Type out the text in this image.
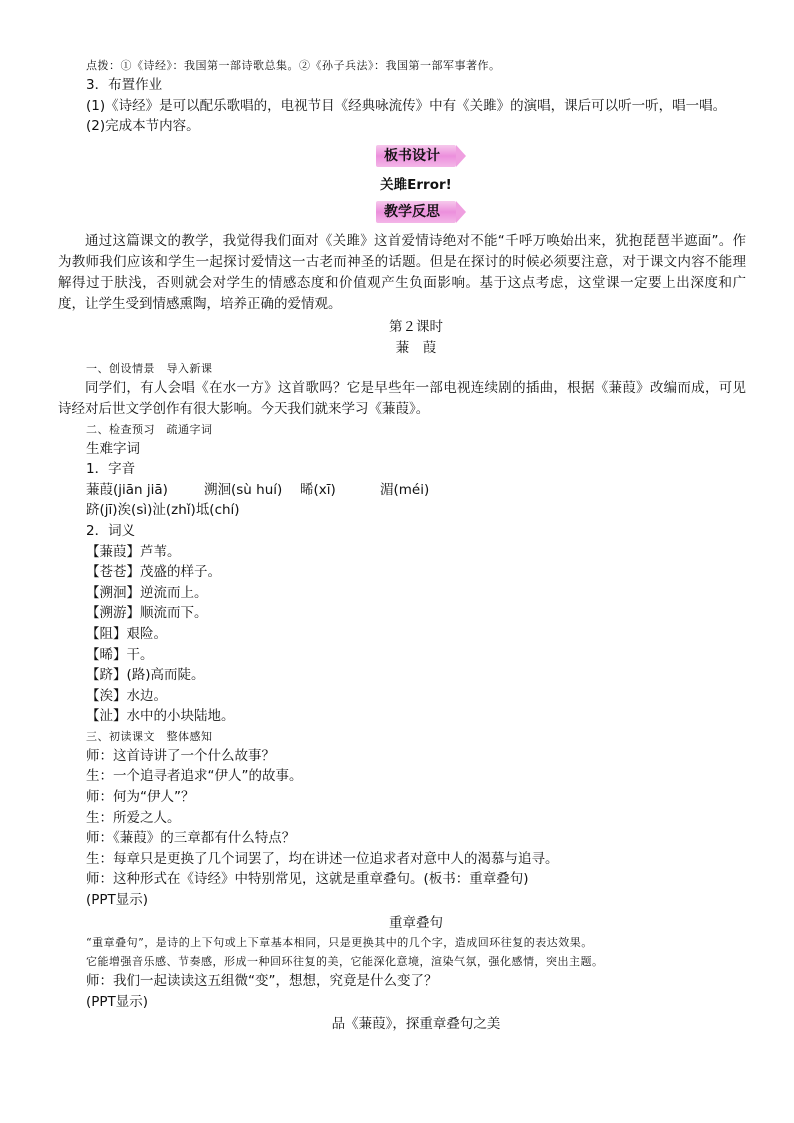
点拨：①《诗经》：我国第一部诗歌总集。②《孙子兵法》：我国第一部军事著作。
3．布置作业
(1)《诗经》是可以配乐歌唱的，电视节目《经典咏流传》中有《关雎》的演唱，课后可以听一听，唱一唱。
(2)完成本节内容。
板书设计
关雎Error!
教学反思
通过这篇课文的教学，我觉得我们面对《关雎》这首爱情诗绝对不能“千呼万唤始出来，犹抱琵琶半遮面”。作为教师我们应该和学生一起探讨爱情这一古老而神圣的话题。但是在探讨的时候必须要注意，对于课文内容不能理解得过于肤浅，否则就会对学生的情感态度和价值观产生负面影响。基于这点考虑，这堂课一定要上出深度和广度，让学生受到情感熏陶，培养正确的爱情观。
第２课时
蒹　葭
一、创设情景　导入新课
同学们，有人会唱《在水一方》这首歌吗？它是早些年一部电视连续剧的插曲，根据《蒹葭》改编而成，可见诗经对后世文学创作有很大影响。今天我们就来学习《蒹葭》。
二、检查预习　疏通字词
生难字词
1．字音
蒹葭(jiān jiā)	溯洄(sù huí) 晞(xī)	湄(méi)
跻(jī)涘(sì)沚(zhǐ)坻(chí)
2．词义
【蒹葭】芦苇。
【苍苍】茂盛的样子。
【溯洄】逆流而上。
【溯游】顺流而下。
【阻】艰险。
【晞】干。
【跻】(路)高而陡。
【涘】水边。
【沚】水中的小块陆地。
三、初读课文　整体感知
师：这首诗讲了一个什么故事？
生：一个追寻者追求“伊人”的故事。
师：何为“伊人”？
生：所爱之人。
师：《蒹葭》的三章都有什么特点？
生：每章只是更换了几个词罢了，均在讲述一位追求者对意中人的渴慕与追寻。
师：这种形式在《诗经》中特别常见，这就是重章叠句。(板书：重章叠句)
(PPT显示)
重章叠句
“重章叠句”，是诗的上下句或上下章基本相同，只是更换其中的几个字，造成回环往复的表达效果。
它能增强音乐感、节奏感，形成一种回环往复的美，它能深化意境，渲染气氛，强化感情，突出主题。
师：我们一起读读这五组微“变”，想想，究竟是什么变了？
(PPT显示)
品《蒹葭》，探重章叠句之美
